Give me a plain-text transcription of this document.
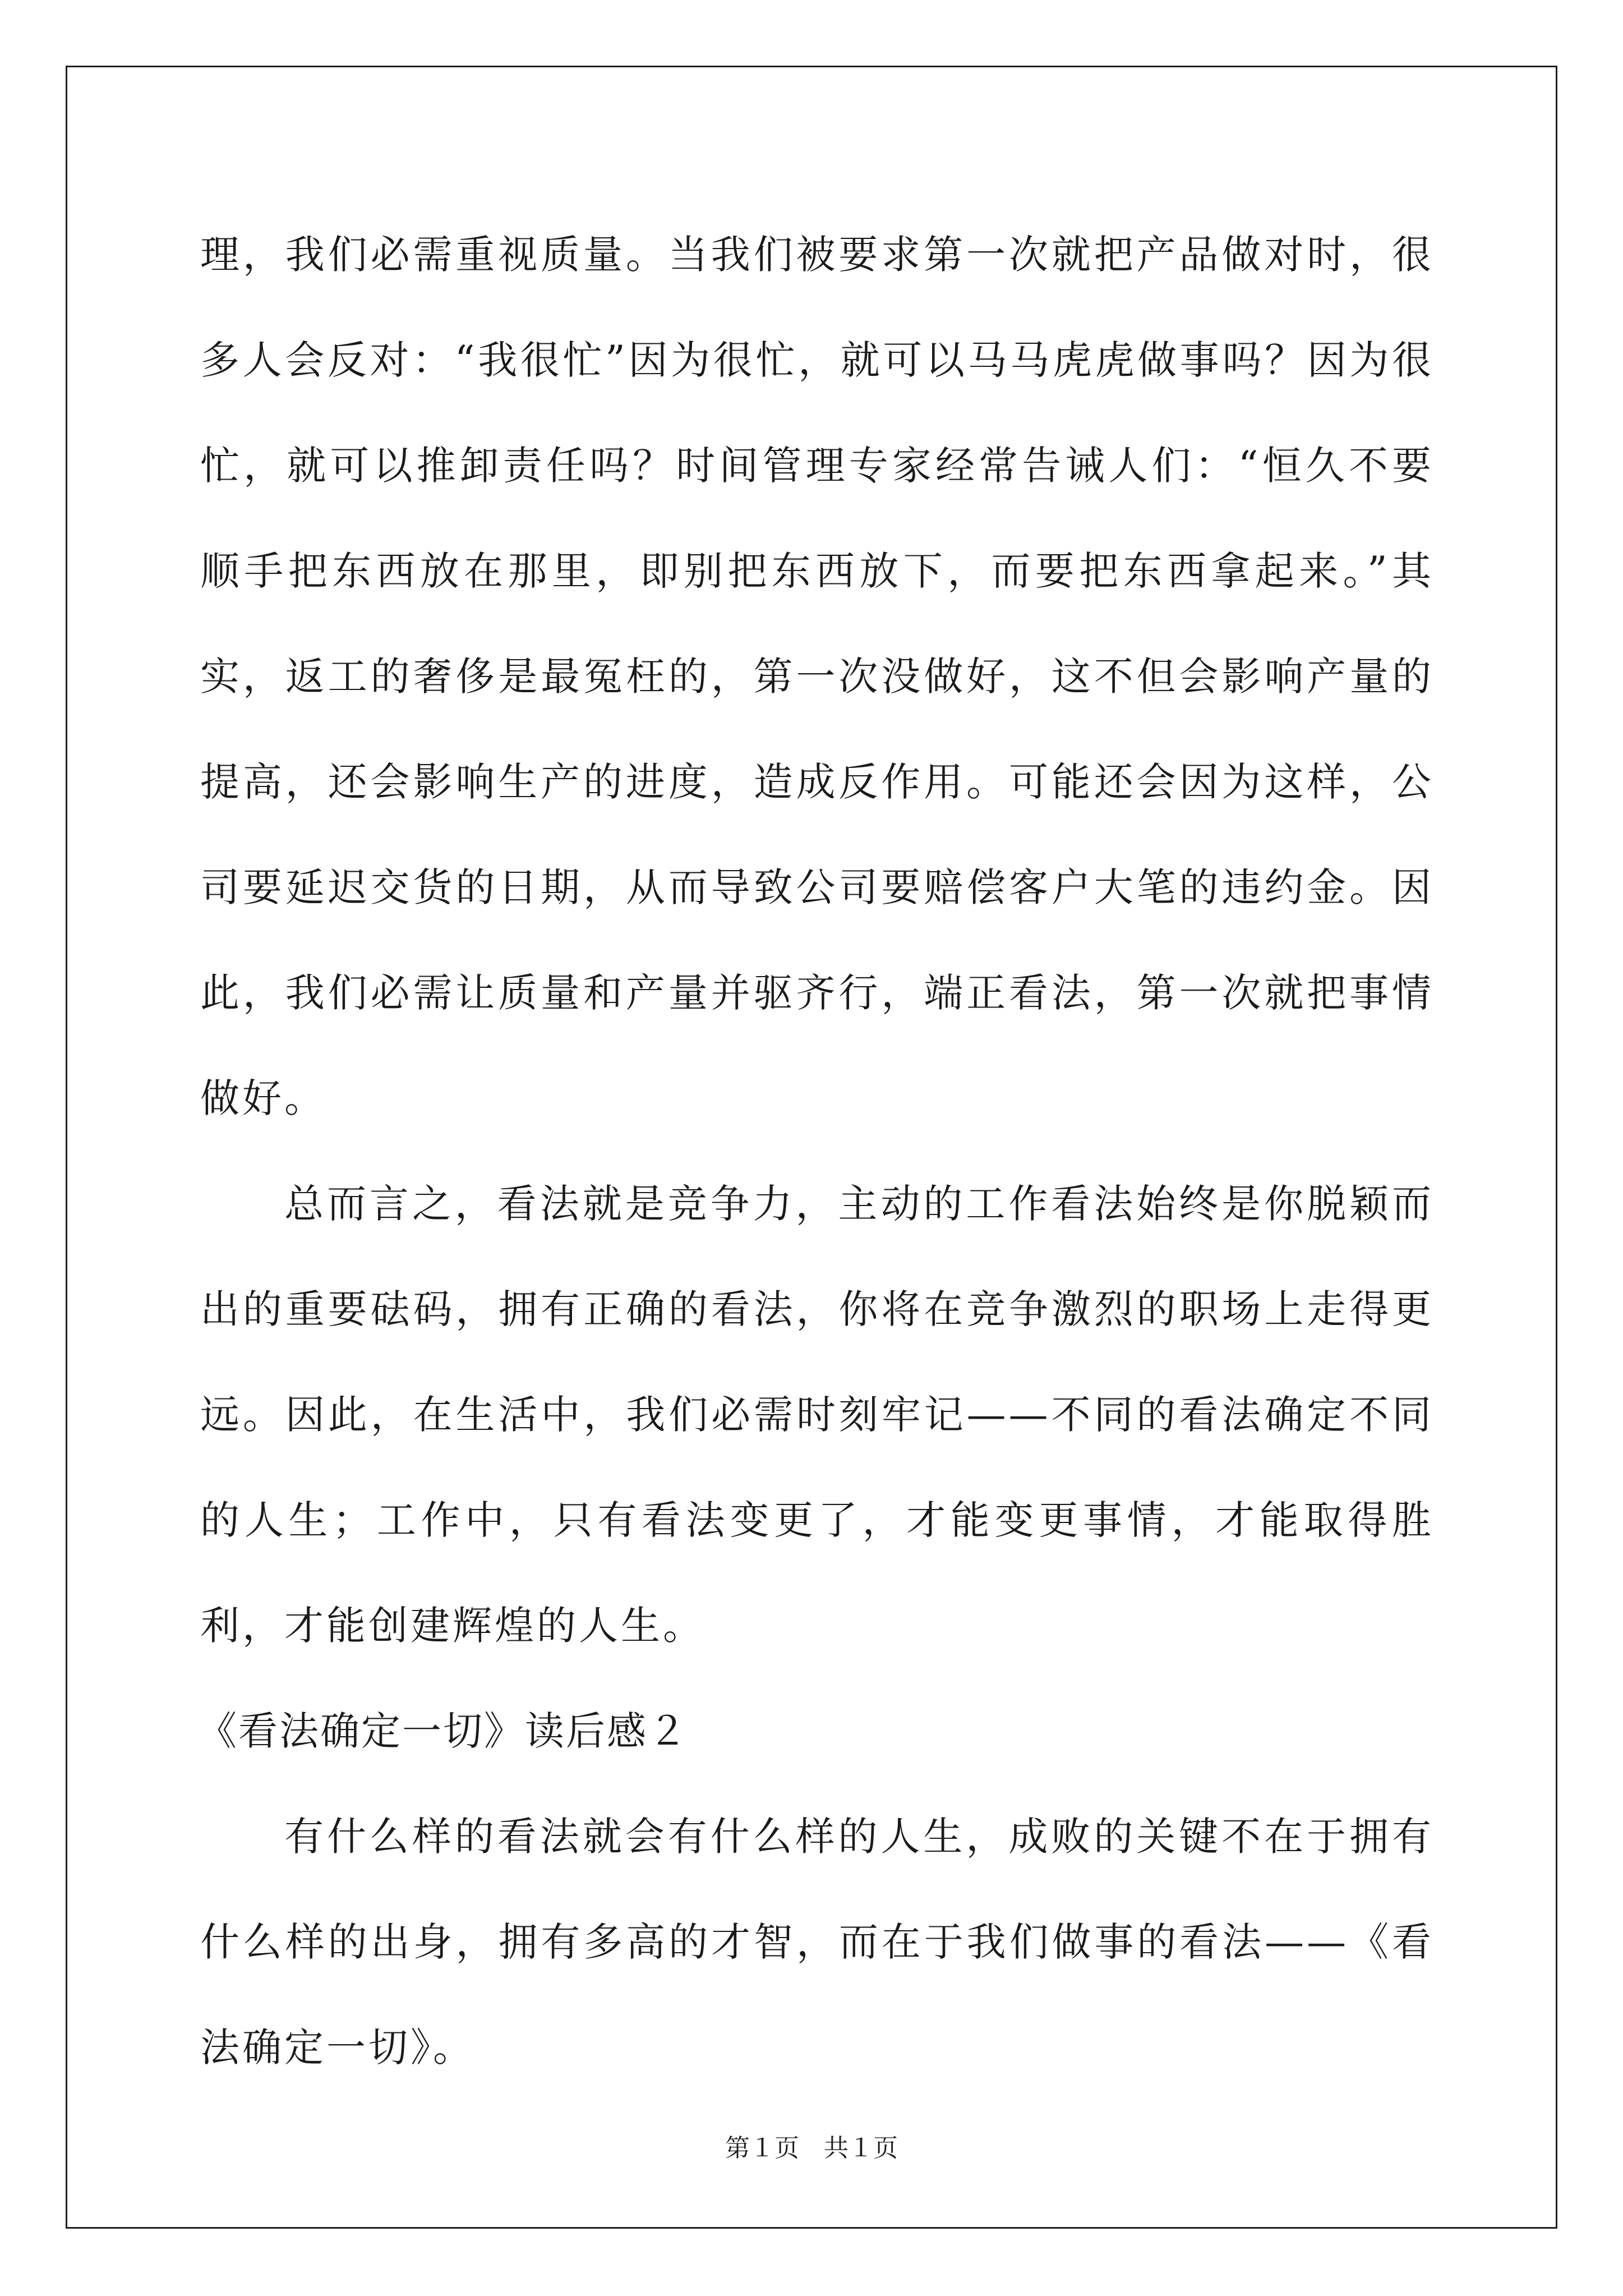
理，我们必需重视质量。当我们被要求第一次就把产品做对时，很多人会反对：“我很忙”因为很忙，就可以马马虎虎做事吗？因为很忙，就可以推卸责任吗？时间管理专家经常告诫人们：“恒久不要顺手把东西放在那里，即别把东西放下，而要把东西拿起来。”其实，返工的奢侈是最冤枉的，第一次没做好，这不但会影响产量的提高，还会影响生产的进度，造成反作用。可能还会因为这样，公司要延迟交货的日期，从而导致公司要赔偿客户大笔的违约金。因此，我们必需让质量和产量并驱齐行，端正看法，第一次就把事情做好。

总而言之，看法就是竞争力，主动的工作看法始终是你脱颖而出的重要砝码，拥有正确的看法，你将在竞争激烈的职场上走得更远。因此，在生活中，我们必需时刻牢记——不同的看法确定不同的人生；工作中，只有看法变更了，才能变更事情，才能取得胜利，才能创建辉煌的人生。

《看法确定一切》读后感２

有什么样的看法就会有什么样的人生，成败的关键不在于拥有什么样的出身，拥有多高的才智，而在于我们做事的看法——《看法确定一切》。

第１页 共１页
